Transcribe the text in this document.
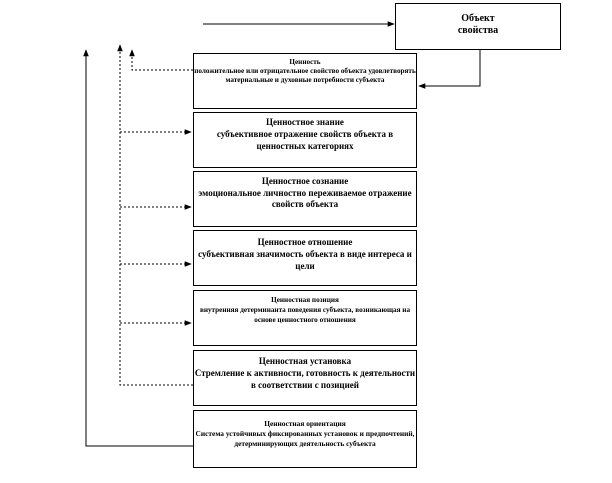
Объект
свойства
Ценность
положительное или отрицательное свойство объекта удовлетворять материальные и духовные потребности субъекта
Ценностное знание
субъективное отражение свойств объекта в ценностных категориях
Ценностное сознание
эмоциональное личностно переживаемое отражение свойств объекта
Ценностное отношение
субъективная значимость объекта в виде интереса и цели
Ценностная позиция
внутренняя детерминанта поведения субъекта, возникающая на основе ценностного отношения
Ценностная установка
Стремление к активности, готовность к деятельности в соответствии с позицией
Ценностная ориентация
Система устойчивых фиксированных установок и предпочтений, детерминирующих деятельность субъекта
